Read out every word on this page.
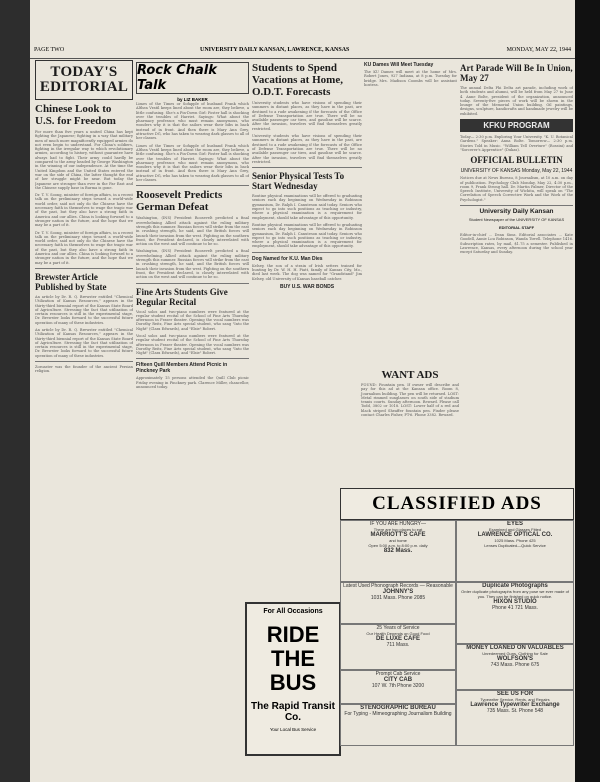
PAGE TWO	UNIVERSITY DAILY KANSAN, LAWRENCE, KANSAS	MONDAY, MAY 22, 1944
TODAY'S EDITORIAL
Chinese Look to U.S. for Freedom

For more than five years a united China has kept fighting the Japanese; fighting in a way that military men of much more magnificently equipped armies do not even begin to understand. For China's soldiers, fighting in the irregular way to which revolutionary armies, according to history, without guarantee have always had to fight. Their army could hardly be compared to the army headed by George Washington in the winning of our independence. At the time the United Kingdom and the United States entered the war on the side of China, the latter thought the end of her struggle might be near. But today the Japanese are stronger than ever in the Far East and the Chinese supply base in Burma is gone.

Dr. T. V. Soong, minister of foreign affairs, in a recent talk on the preliminary steps toward a world-wide world order, said not only do the Chinese have the necessary faith in themselves to wage the tragic war of the past, but they also have a strong faith in America and our allies. China is looking forward to a stronger nation in the future, and the hope that we may be a part of it.

Dr. T. V. Soong, minister of foreign affairs, in a recent talk on the preliminary steps toward a world-wide world order, said not only do the Chinese have the necessary faith in themselves to wage the tragic war of the past, but they also have a strong faith in America and our allies. China is looking forward to a stronger nation in the future, and the hope that we may be a part of it.

Brewster Article Published by State

An article by Dr. R. Q. Brewster entitled "Chemical Utilization of Kansas Resources," appears in the thirty-third biennial report of the Kansas State Board of Agriculture. Stressing the fact that utilization of certain resources is still in the experimental stage, Dr. Brewster looks forward to the successful future operation of many of these industries.

An article by Dr. R. Q. Brewster entitled "Chemical Utilization of Kansas Resources," appears in the thirty-third biennial report of the Kansas State Board of Agriculture. Stressing the fact that utilization of certain resources is still in the experimental stage, Dr. Brewster looks forward to the successful future operation of many of these industries.

Zoroaster was the founder of the ancient Persian religion.

Rock Chalk Talk
by LIZ BAKER

Limes of the Times or Sofapple of husband Frank which Althea Vratil keeps lined about the room are, they believe, a little confusing. She's a Pin-Down Girl: Foster hall is shocking over the troubles of Harriet. Sayings: What about the pharmacy professor, who must remain anonymous, who wonders why it is that the sailors wear their bibs in back instead of in front. And then there is Mary Ann Grey, attractive DG, who has taken to wearing dark glasses to all of her classes.

Limes of the Times or Sofapple of husband Frank which Althea Vratil keeps lined about the room are, they believe, a little confusing. She's a Pin-Down Girl: Foster hall is shocking over the troubles of Harriet. Sayings: What about the pharmacy professor, who must remain anonymous, who wonders why it is that the sailors wear their bibs in back instead of in front. And then there is Mary Ann Grey, attractive DG, who has taken to wearing dark glasses to all of her classes.

Roosevelt Predicts German Defeat

Washington, (INS) President Roosevelt predicted a final overwhelming Allied attack against the ruling military strength this summer. Russian forces will strike from the east in crushing strength, he said, and the British forces will launch their invasion from the west. Fighting on the southern front, the President declared, is closely interrelated with action on the west and will continue to be so.

Washington, (INS) President Roosevelt predicted a final overwhelming Allied attack against the ruling military strength this summer. Russian forces will strike from the east in crushing strength, he said, and the British forces will launch their invasion from the west. Fighting on the southern front, the President declared, is closely interrelated with action on the west and will continue to be so.

Fine Arts Students Give Regular Recital

Vocal solos and two-piano numbers were featured at the regular student recital of the School of Fine Arts Thursday afternoon in Fraser theater. Opening the vocal numbers was Dorothy Reitz, Fine Arts special student, who sang "Into the Night" (Clara Edwards), and "Elsie" Robert.

Vocal solos and two-piano numbers were featured at the regular student recital of the School of Fine Arts Thursday afternoon in Fraser theater. Opening the vocal numbers was Dorothy Reitz, Fine Arts special student, who sang "Into the Night" (Clara Edwards), and "Elsie" Robert.

Fifteen Quill Members Attend Picnic in Pinckney Park

Approximately 15 persons attended the Quill Club picnic Friday evening in Pinckney park. Clarence Miller, chancellor, announced today.

Students to Spend Vacations at Home, O.D.T. Forecasts

University students who have visions of spending their summers in distant places, as they have in the past, are destined to a rude awakening if the forecasts of the Office of Defense Transportation are true. There will be no available passenger car tires, and gasoline will be scarce. After the invasion, travelers will find themselves greatly restricted.

University students who have visions of spending their summers in distant places, as they have in the past, are destined to a rude awakening if the forecasts of the Office of Defense Transportation are true. There will be no available passenger car tires, and gasoline will be scarce. After the invasion, travelers will find themselves greatly restricted.

Senior Physical Tests To Start Wednesday

Routine physical examinations will be offered to graduating seniors each day beginning on Wednesday in Robinson gymnasium, Dr. Ralph I. Canuteson said today. Seniors who expect to go into such positions as teaching or industry, where a physical examination is a requirement for employment, should take advantage of this opportunity.

Routine physical examinations will be offered to graduating seniors each day beginning on Wednesday in Robinson gymnasium, Dr. Ralph I. Canuteson said today. Seniors who expect to go into such positions as teaching or industry, where a physical examination is a requirement for employment, should take advantage of this opportunity.

Dog Named for K.U. Man Dies

Kelsey, the son of a strain of Irish setters trained for hunting by Dr. W. H. H. Piatt, family of Kansas City, Mo., died last week. The dog was named for "Grandstand" Jim Kelsey, old University of Kansas baseball catcher.

BUY U.S. WAR BONDS
KU Dames Will Meet Tuesday

The KU Dames will meet at the home of Mrs. Robert Jones, 927 Indiana, at 8 p.m. Tuesday for bridge. Mrs. Madison Coombs will be assistant hostess.

WANT ADS

FOUND: Fountain pen. If owner will describe and pay for this ad at the Kansan office. Room 8, Journalism building. The pen will be returned. LOST: Metal rimmed sunglasses on south side of stadium tennis courts. Sunday afternoon. Reward. Please call Todd, 3802 or 1018. LOST: Lower half of a red and black striped Sheaffer fountain pen. Finder please contact Charles Fisher, PT-6. Phone 3382. Reward.

Art Parade Will Be In Union, May 27

The annual Delta Phi Delta art parade, including work of both students and alumni, will be held from May 27 to June 4. Anne Bolte, president of the organization, announced today. Seventy-five pieces of work will be shown in the lounge of the Memorial Union building. Oil paintings, designs, sculpture, handicrafts and handmade jewelry will be exhibited.

KFKU PROGRAM

Today— 2:30 p.m. Exploring Your University. "K. U. Botanical Gardens." Speaker: Anna Bolte. Tomorrow— 2:30 p.m. Stories Told in Music. "William Tell Overture" (Rossini) and "Sorcerer's Apprentice" (Dukas).

OFFICIAL BULLETIN
UNIVERSITY OF KANSAS Monday, May 22, 1944

Notices due at News Bureau, 8 Journalism, at 10 a.m. on day of publication. Psychology Club Monday, May 22, 4:30 p.m., room 9, Frank Strong hall. Dr. Martin Palmer, Director of the Speech Institute, University of Wichita, will speak on "The Correlation of Speech Corrective Work and the Work of the Psychologist."

University Daily Kansan
Student Newspaper of the UNIVERSITY OF KANSAS
EDITORIAL STAFF

Editor-in-chief ... Dean Sims. Editorial associates ... Kate Goodell, Annie Lou Robinson, Wanda Tirrell. Telephone 1416. Subscription rates, by mail, $1.75 a semester. Published in Lawrence, Kansas, every afternoon during the school year except Saturday and Sunday.

For All Occasions
RIDE
THE
BUS
The Rapid Transit Co.
Your Local Bus Service
CLASSIFIED ADS
IF YOU ARE HUNGRY—
There are two places to eat
MARRIOTT'S CAFE
and home
Open 5:00 a.m. to 8:00 p.m. daily
832 Mass.
EYES
Examined and Glasses Fitted
LAWRENCE OPTICAL CO.
1025 Mass. Phone 425
Lenses Duplicated—Quick Service
Latest Used Phonograph Records — Reasonable
JOHNNY'S
1031 Mass. Phone 2085
Duplicate Photographs
Order duplicate photographs from any pose we ever made of you. They can be finished on quick notice.
HIXON STUDIO
Phone 41 721 Mass.
25 Years of Service
Our Health Depends on Good Food
DE LUXE CAFE
711 Mass.	MONEY LOANED ON VALUABLES
Unredeemed Guns, Clothing for Sale
WOLFSON'S
743 Mass. Phone 675
Prompt Cab Service
CITY CAB
107 W. 7th Phone 3200
STENOGRAPHIC BUREAU
For Typing - Mimeographing Journalism Building
SEE US FOR
Typewriter Service, Rents, and Repairs
Lawrence Typewriter Exchange
735 Mass. St. Phone 548
